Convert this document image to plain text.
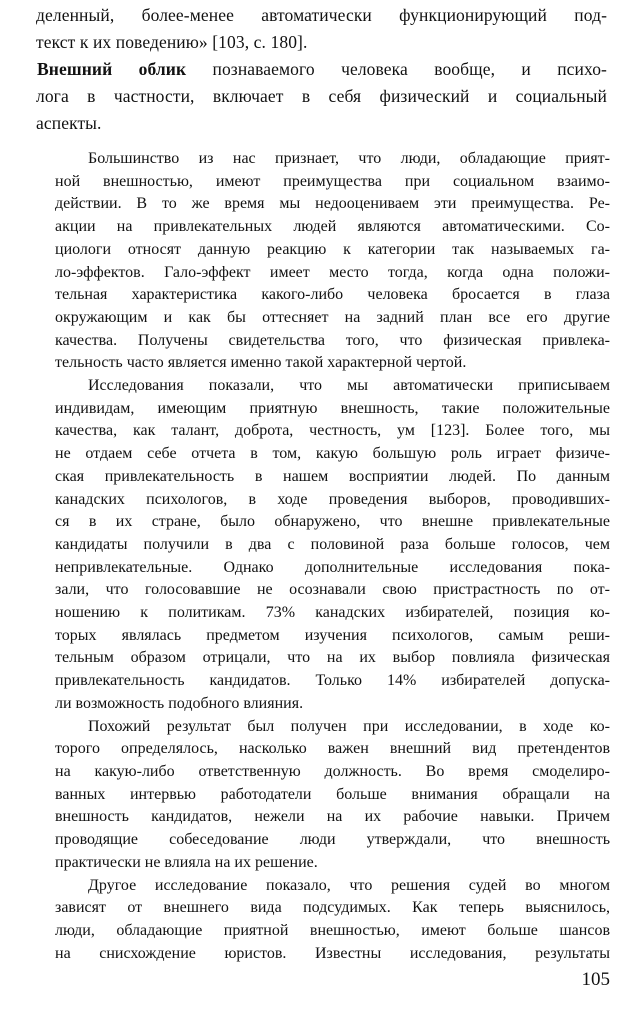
деленный, более-менее автоматически функционирующий под-
текст к их поведению» [103, с. 180].
Внешний облик познаваемого человека вообще, и психо-
лога в частности, включает в себя физический и социальный
аспекты.
Большинство из нас признает, что люди, обладающие прият-
ной внешностью, имеют преимущества при социальном взаимо-
действии. В то же время мы недооцениваем эти преимущества. Ре-
акции на привлекательных людей являются автоматическими. Со-
циологи относят данную реакцию к категории так называемых га-
ло-эффектов. Гало-эффект имеет место тогда, когда одна положи-
тельная характеристика какого-либо человека бросается в глаза
окружающим и как бы оттесняет на задний план все его другие
качества. Получены свидетельства того, что физическая привлека-
тельность часто является именно такой характерной чертой.
Исследования показали, что мы автоматически приписываем
индивидам, имеющим приятную внешность, такие положительные
качества, как талант, доброта, честность, ум [123]. Более того, мы
не отдаем себе отчета в том, какую большую роль играет физиче-
ская привлекательность в нашем восприятии людей. По данным
канадских психологов, в ходе проведения выборов, проводивших-
ся в их стране, было обнаружено, что внешне привлекательные
кандидаты получили в два с половиной раза больше голосов, чем
непривлекательные. Однако дополнительные исследования пока-
зали, что голосовавшие не осознавали свою пристрастность по от-
ношению к политикам. 73% канадских избирателей, позиция ко-
торых являлась предметом изучения психологов, самым реши-
тельным образом отрицали, что на их выбор повлияла физическая
привлекательность кандидатов. Только 14% избирателей допуска-
ли возможность подобного влияния.
Похожий результат был получен при исследовании, в ходе ко-
торого определялось, насколько важен внешний вид претендентов
на какую-либо ответственную должность. Во время смоделиро-
ванных интервью работодатели больше внимания обращали на
внешность кандидатов, нежели на их рабочие навыки. Причем
проводящие собеседование люди утверждали, что внешность
практически не влияла на их решение.
Другое исследование показало, что решения судей во многом
зависят от внешнего вида подсудимых. Как теперь выяснилось,
люди, обладающие приятной внешностью, имеют больше шансов
на снисхождение юристов. Известны исследования, результаты
105
